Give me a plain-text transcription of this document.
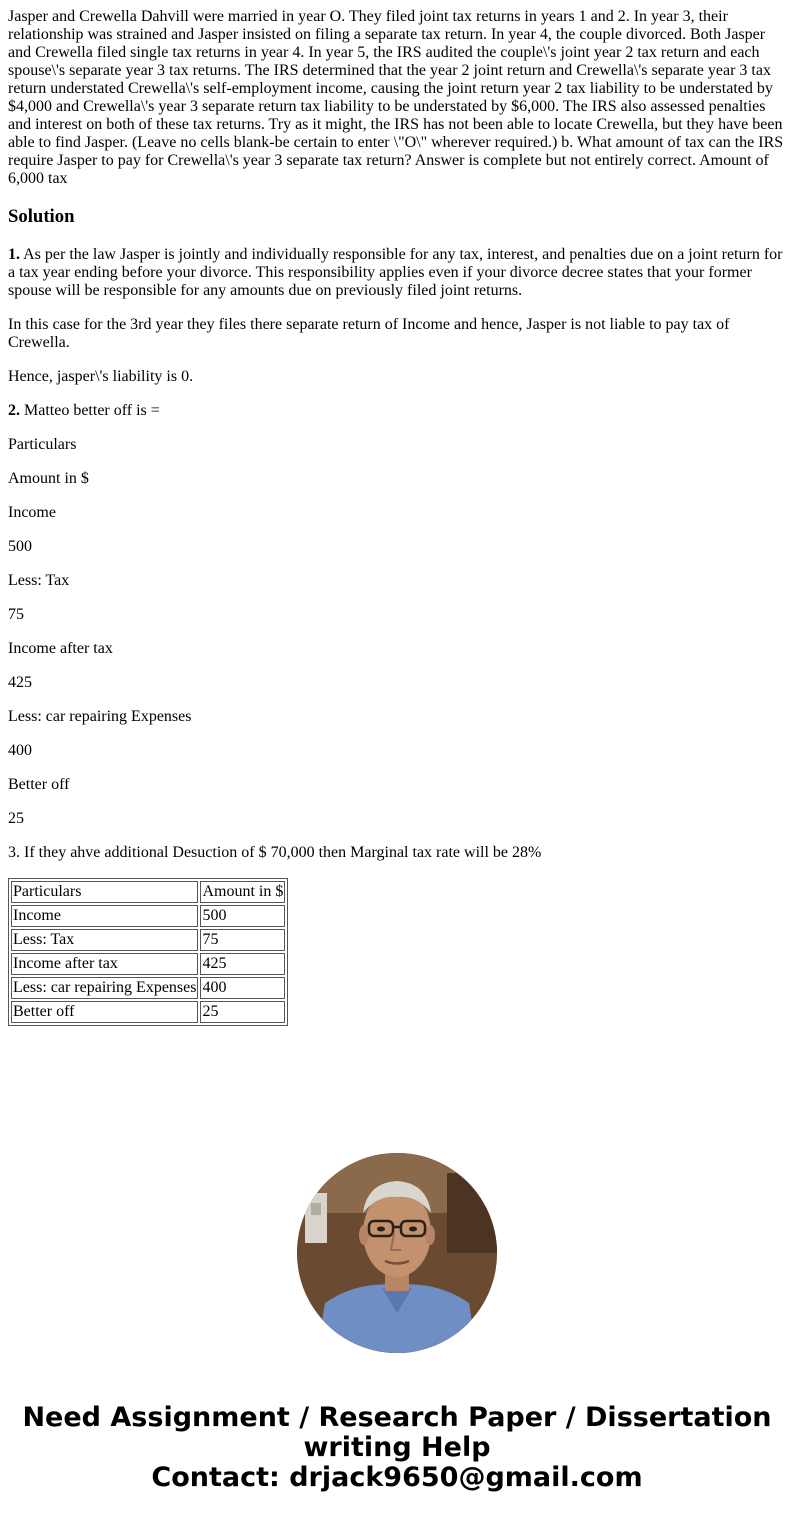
Jasper and Crewella Dahvill were married in year O. They filed joint tax returns in years 1 and 2. In year 3, their relationship was strained and Jasper insisted on filing a separate tax return. In year 4, the couple divorced. Both Jasper and Crewella filed single tax returns in year 4. In year 5, the IRS audited the couple\'s joint year 2 tax return and each spouse\'s separate year 3 tax returns. The IRS determined that the year 2 joint return and Crewella\'s separate year 3 tax return understated Crewella\'s self-employment income, causing the joint return year 2 tax liability to be understated by $4,000 and Crewella\'s year 3 separate return tax liability to be understated by $6,000. The IRS also assessed penalties and interest on both of these tax returns. Try as it might, the IRS has not been able to locate Crewella, but they have been able to find Jasper. (Leave no cells blank-be certain to enter \"O\" wherever required.) b. What amount of tax can the IRS require Jasper to pay for Crewella\'s year 3 separate tax return? Answer is complete but not entirely correct. Amount of 6,000 tax

Solution

1. As per the law Jasper is jointly and individually responsible for any tax, interest, and penalties due on a joint return for a tax year ending before your divorce. This responsibility applies even if your divorce decree states that your former spouse will be responsible for any amounts due on previously filed joint returns.

In this case for the 3rd year they files there separate return of Income and hence, Jasper is not liable to pay tax of Crewella.

Hence, jasper\'s liability is 0.

2. Matteo better off is =

Particulars

Amount in $

Income

500

Less: Tax

75

Income after tax

425

Less: car repairing Expenses

400

Better off

25

3. If they ahve additional Desuction of $ 70,000 then Marginal tax rate will be 28%

Particulars	Amount in $
Income	500
Less: Tax	75
Income after tax	425
Less: car repairing Expenses	400
Better off	25
Need Assignment / Research Paper / Dissertation
writing Help
Contact: drjack9650@gmail.com
